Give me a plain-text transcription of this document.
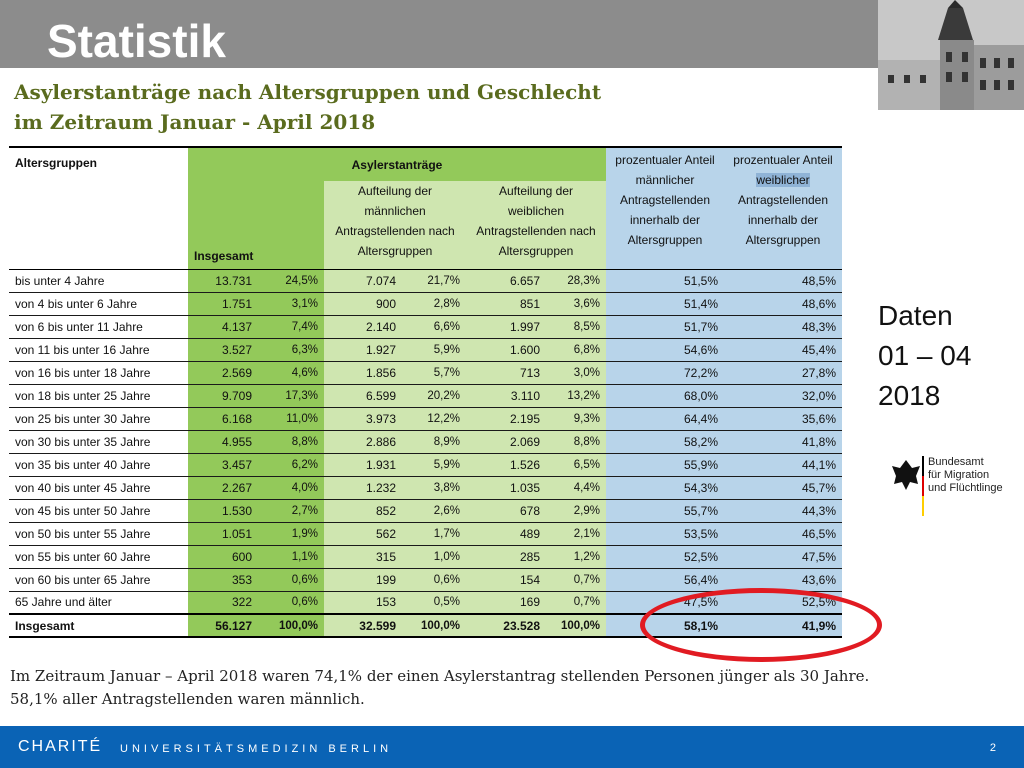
Statistik
Asylerstanträge nach Altersgruppen und Geschlecht
im Zeitraum Januar - April 2018
Altersgruppen	Asylerstanträge						prozentualer Anteil männlicher Antragstellenden innerhalb der Altersgruppen	prozentualer Anteil weiblicher Antragstellenden innerhalb der Altersgruppen
	Insgesamt		Aufteilung der männlichen Antragstellenden nach Altersgruppen		Aufteilung der weiblichen Antragstellenden nach Altersgruppen			
bis unter 4 Jahre	13.731	24,5%	7.074	21,7%	6.657	28,3%	51,5%	48,5%
von 4 bis unter 6 Jahre	1.751	3,1%	900	2,8%	851	3,6%	51,4%	48,6%
von 6 bis unter 11 Jahre	4.137	7,4%	2.140	6,6%	1.997	8,5%	51,7%	48,3%
von 11 bis unter 16 Jahre	3.527	6,3%	1.927	5,9%	1.600	6,8%	54,6%	45,4%
von 16 bis unter 18 Jahre	2.569	4,6%	1.856	5,7%	713	3,0%	72,2%	27,8%
von 18 bis unter 25 Jahre	9.709	17,3%	6.599	20,2%	3.110	13,2%	68,0%	32,0%
von 25 bis unter 30 Jahre	6.168	11,0%	3.973	12,2%	2.195	9,3%	64,4%	35,6%
von 30 bis unter 35 Jahre	4.955	8,8%	2.886	8,9%	2.069	8,8%	58,2%	41,8%
von 35 bis unter 40 Jahre	3.457	6,2%	1.931	5,9%	1.526	6,5%	55,9%	44,1%
von 40 bis unter 45 Jahre	2.267	4,0%	1.232	3,8%	1.035	4,4%	54,3%	45,7%
von 45 bis unter 50 Jahre	1.530	2,7%	852	2,6%	678	2,9%	55,7%	44,3%
von 50 bis unter 55 Jahre	1.051	1,9%	562	1,7%	489	2,1%	53,5%	46,5%
von 55 bis unter 60 Jahre	600	1,1%	315	1,0%	285	1,2%	52,5%	47,5%
von 60 bis unter 65 Jahre	353	0,6%	199	0,6%	154	0,7%	56,4%	43,6%
65 Jahre und älter	322	0,6%	153	0,5%	169	0,7%	47,5%	52,5%
Insgesamt	56.127	100,0%	32.599	100,0%	23.528	100,0%	58,1%	41,9%
Daten
01 – 04
2018
Bundesamt
für Migration
und Flüchtlinge
Im Zeitraum Januar – April 2018 waren 74,1% der einen Asylerstantrag stellenden Personen jünger als 30 Jahre. 58,1% aller Antragstellenden waren männlich.
CHARITÉ UNIVERSITÄTSMEDIZIN BERLIN	2
